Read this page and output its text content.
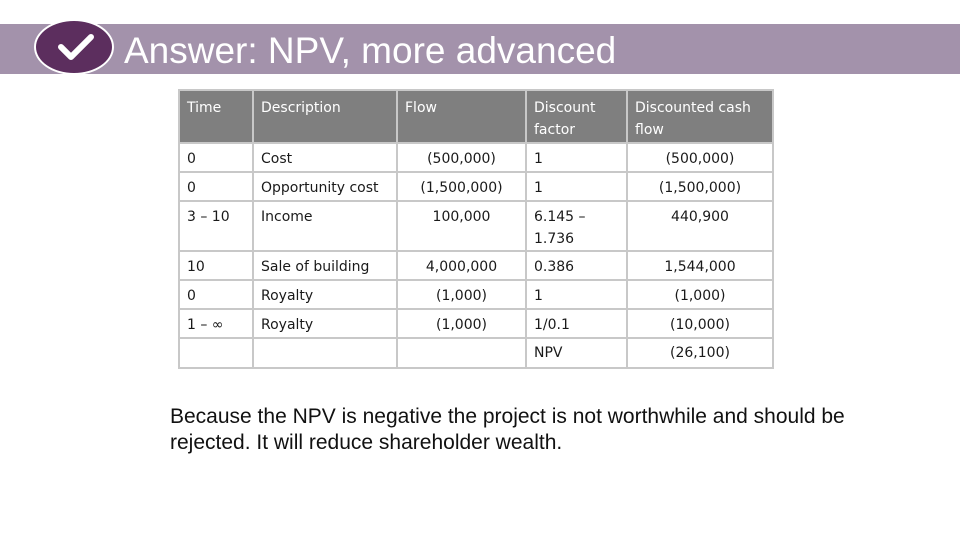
Answer: NPV, more advanced
Time	Description	Flow	Discount factor	Discounted cash flow
0	Cost	(500,000)	1	(500,000)
0	Opportunity cost	(1,500,000)	1	(1,500,000)
3 – 10	Income	100,000	6.145 – 1.736	440,900
10	Sale of building	4,000,000	0.386	1,544,000
0	Royalty	(1,000)	1	(1,000)
1 – ∞	Royalty	(1,000)	1/0.1	(10,000)
			NPV	(26,100)
Because the NPV is negative the project is not worthwhile and should be rejected. It will reduce shareholder wealth.
